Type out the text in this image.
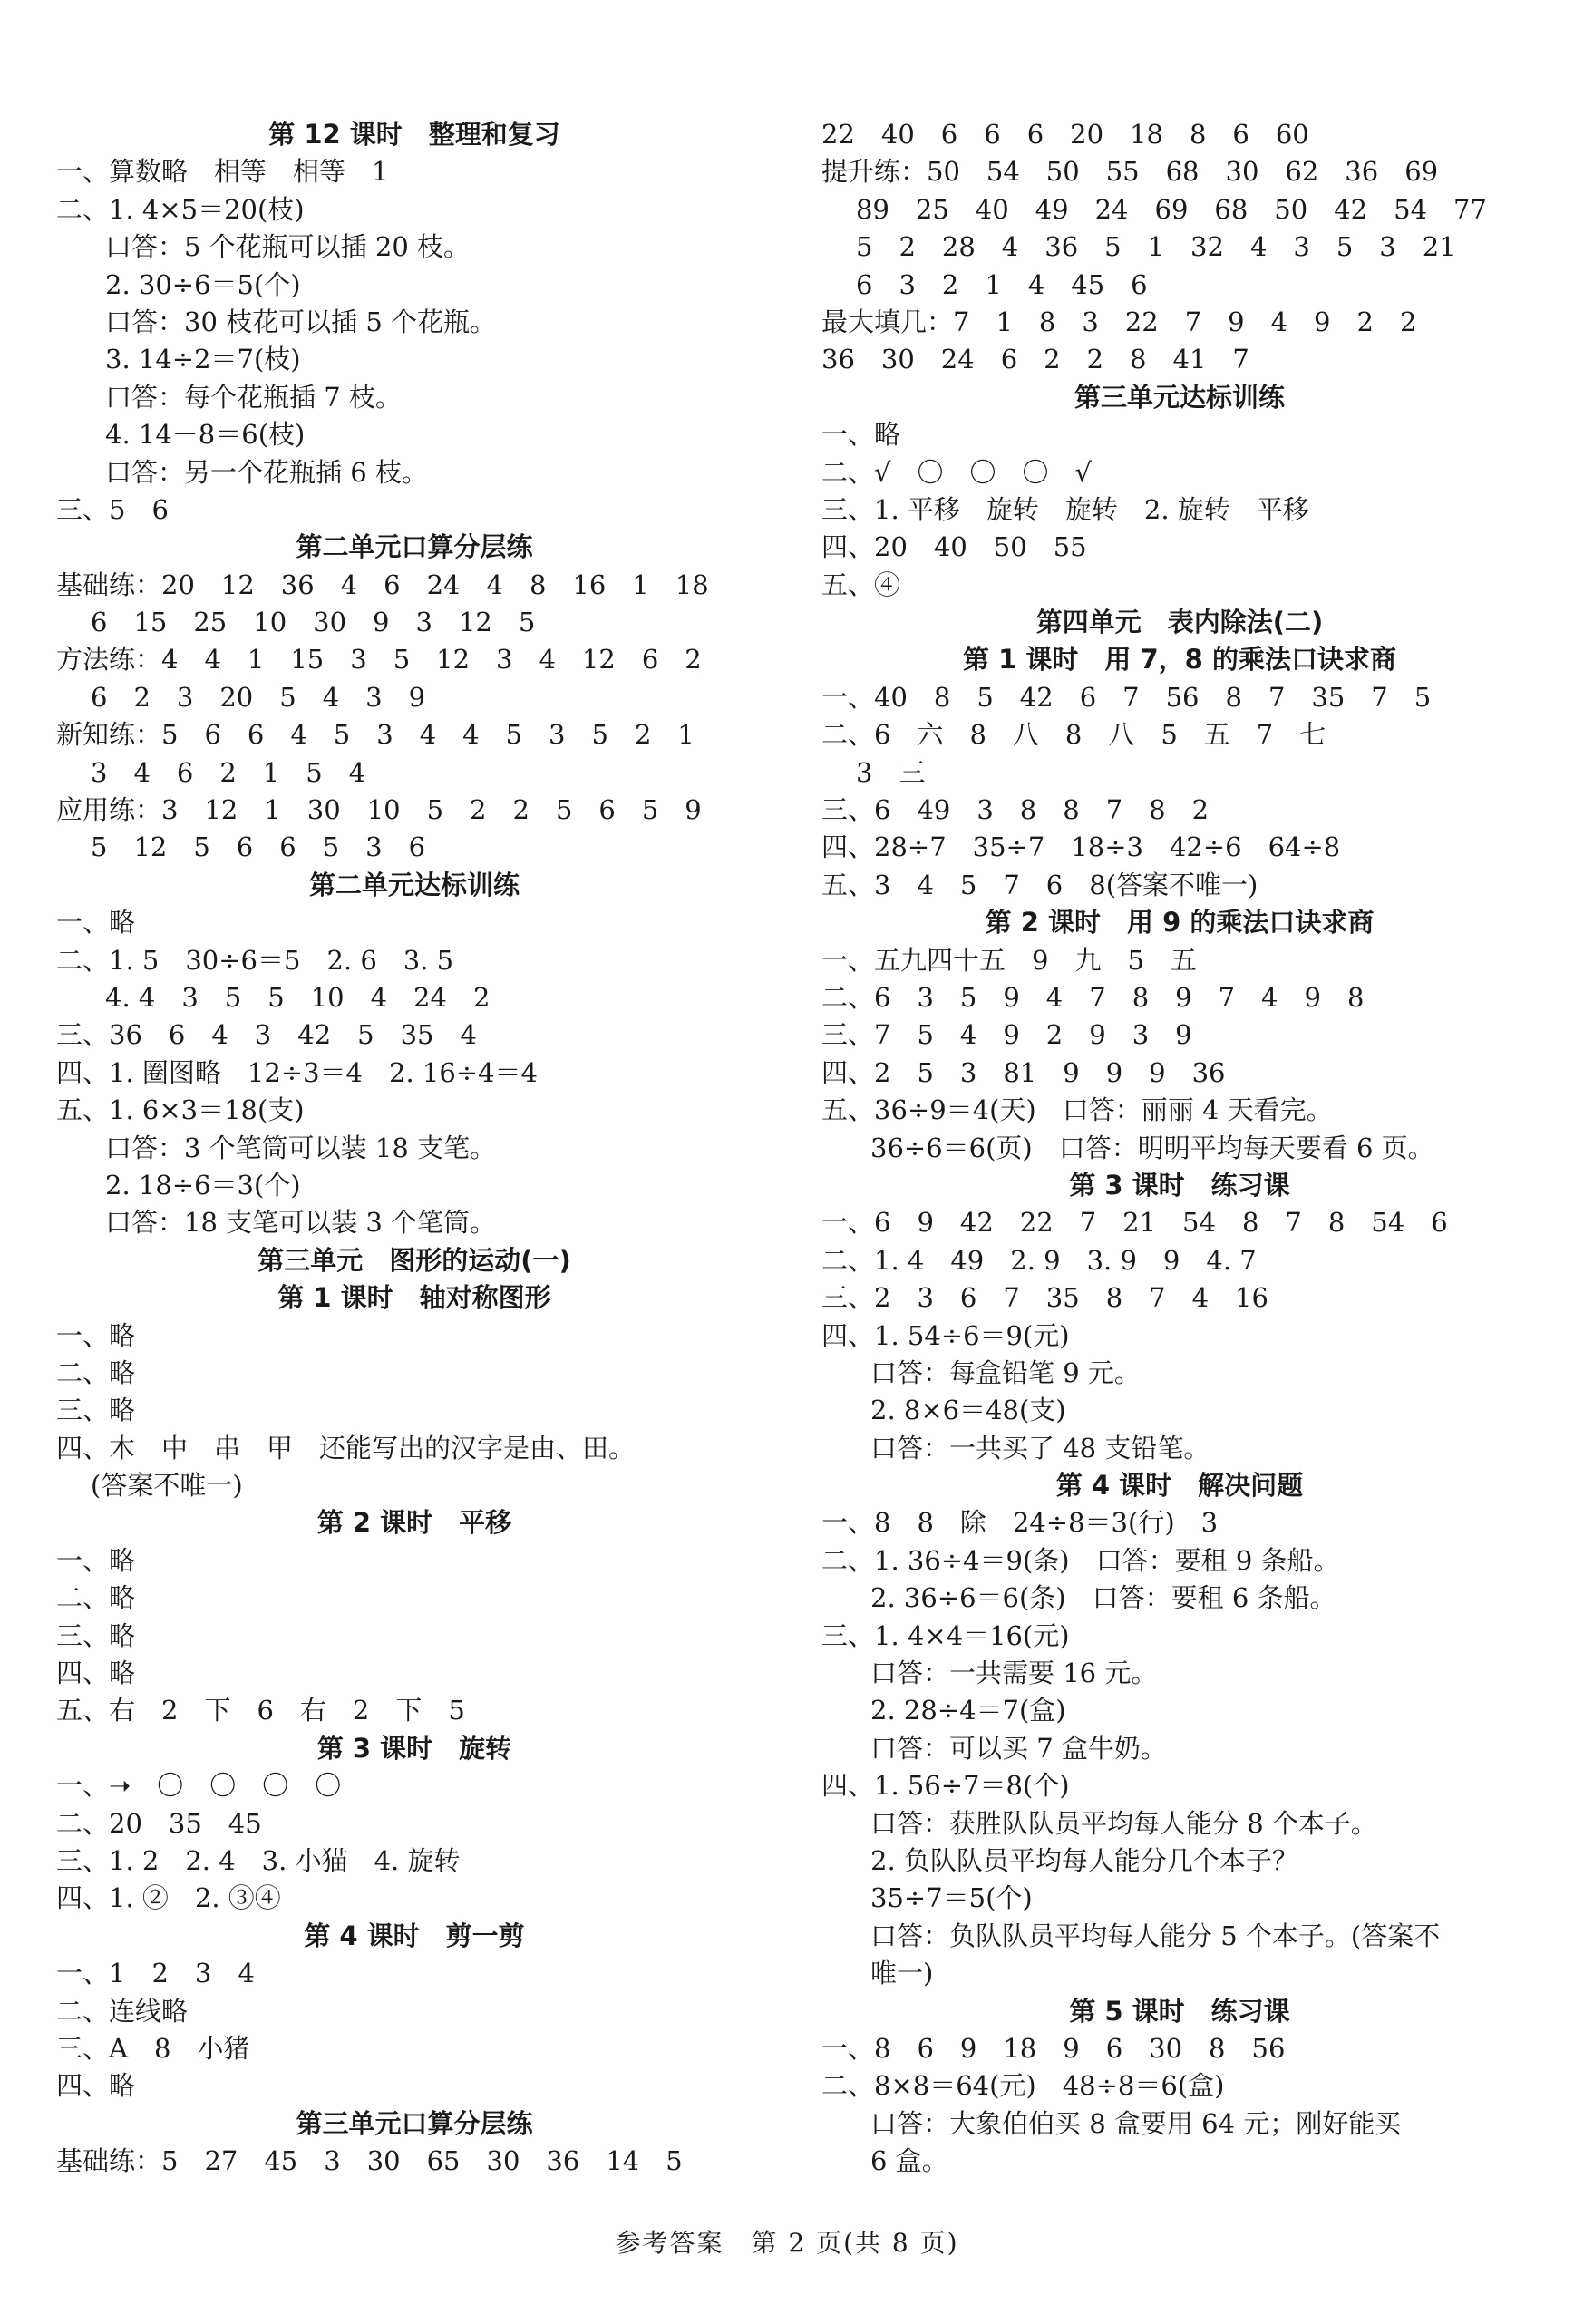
第 12 课时　整理和复习
一、算数略　相等　相等　1
二、1. 4×5＝20(枝)
口答：5 个花瓶可以插 20 枝。
2. 30÷6＝5(个)
口答：30 枝花可以插 5 个花瓶。
3. 14÷2＝7(枝)
口答：每个花瓶插 7 枝。
4. 14－8＝6(枝)
口答：另一个花瓶插 6 枝。
三、5　6
第二单元口算分层练
基础练：20　12　36　4　6　24　4　8　16　1　18
6　15　25　10　30　9　3　12　5
方法练：4　4　1　15　3　5　12　3　4　12　6　2
6　2　3　20　5　4　3　9
新知练：5　6　6　4　5　3　4　4　5　3　5　2　1
3　4　6　2　1　5　4
应用练：3　12　1　30　10　5　2　2　5　6　5　9
5　12　5　6　6　5　3　6
第二单元达标训练
一、略
二、1. 5　30÷6＝5　2. 6　3. 5
4. 4　3　5　5　10　4　24　2
三、36　6　4　3　42　5　35　4
四、1. 圈图略　12÷3＝4　2. 16÷4＝4
五、1. 6×3＝18(支)
口答：3 个笔筒可以装 18 支笔。
2. 18÷6＝3(个)
口答：18 支笔可以装 3 个笔筒。
第三单元　图形的运动(一)
第 1 课时　轴对称图形
一、略
二、略
三、略
四、木　中　串　甲　还能写出的汉字是由、田。
(答案不唯一)
第 2 课时　平移
一、略
二、略
三、略
四、略
五、右　2　下　6　右　2　下　5
第 3 课时　旋转
一、➝　〇　〇　〇　〇
二、20　35　45
三、1. 2　2. 4　3. 小猫　4. 旋转
四、1. ②　2. ③④
第 4 课时　剪一剪
一、1　2　3　4
二、连线略
三、A　8　小猪
四、略
第三单元口算分层练
基础练：5　27　45　3　30　65　30　36　14　5
22　40　6　6　6　20　18　8　6　60
提升练：50　54　50　55　68　30　62　36　69
89　25　40　49　24　69　68　50　42　54　77
5　2　28　4　36　5　1　32　4　3　5　3　21
6　3　2　1　4　45　6
最大填几：7　1　8　3　22　7　9　4　9　2　2
36　30　24　6　2　2　8　41　7
第三单元达标训练
一、略
二、√　〇　〇　〇　√
三、1. 平移　旋转　旋转　2. 旋转　平移
四、20　40　50　55
五、④
第四单元　表内除法(二)
第 1 课时　用 7，8 的乘法口诀求商
一、40　8　5　42　6　7　56　8　7　35　7　5
二、6　六　8　八　8　八　5　五　7　七
3　三
三、6　49　3　8　8　7　8　2
四、28÷7　35÷7　18÷3　42÷6　64÷8
五、3　4　5　7　6　8(答案不唯一)
第 2 课时　用 9 的乘法口诀求商
一、五九四十五　9　九　5　五
二、6　3　5　9　4　7　8　9　7　4　9　8
三、7　5　4　9　2　9　3　9
四、2　5　3　81　9　9　9　36
五、36÷9＝4(天)　口答：丽丽 4 天看完。
36÷6＝6(页)　口答：明明平均每天要看 6 页。
第 3 课时　练习课
一、6　9　42　22　7　21　54　8　7　8　54　6
二、1. 4　49　2. 9　3. 9　9　4. 7
三、2　3　6　7　35　8　7　4　16
四、1. 54÷6＝9(元)
口答：每盒铅笔 9 元。
2. 8×6＝48(支)
口答：一共买了 48 支铅笔。
第 4 课时　解决问题
一、8　8　除　24÷8＝3(行)　3
二、1. 36÷4＝9(条)　口答：要租 9 条船。
2. 36÷6＝6(条)　口答：要租 6 条船。
三、1. 4×4＝16(元)
口答：一共需要 16 元。
2. 28÷4＝7(盒)
口答：可以买 7 盒牛奶。
四、1. 56÷7＝8(个)
口答：获胜队队员平均每人能分 8 个本子。
2. 负队队员平均每人能分几个本子？
35÷7＝5(个)
口答：负队队员平均每人能分 5 个本子。(答案不
唯一)
第 5 课时　练习课
一、8　6　9　18　9　6　30　8　56
二、8×8＝64(元)　48÷8＝6(盒)
口答：大象伯伯买 8 盒要用 64 元；刚好能买
6 盒。
参考答案　第 2 页(共 8 页)
